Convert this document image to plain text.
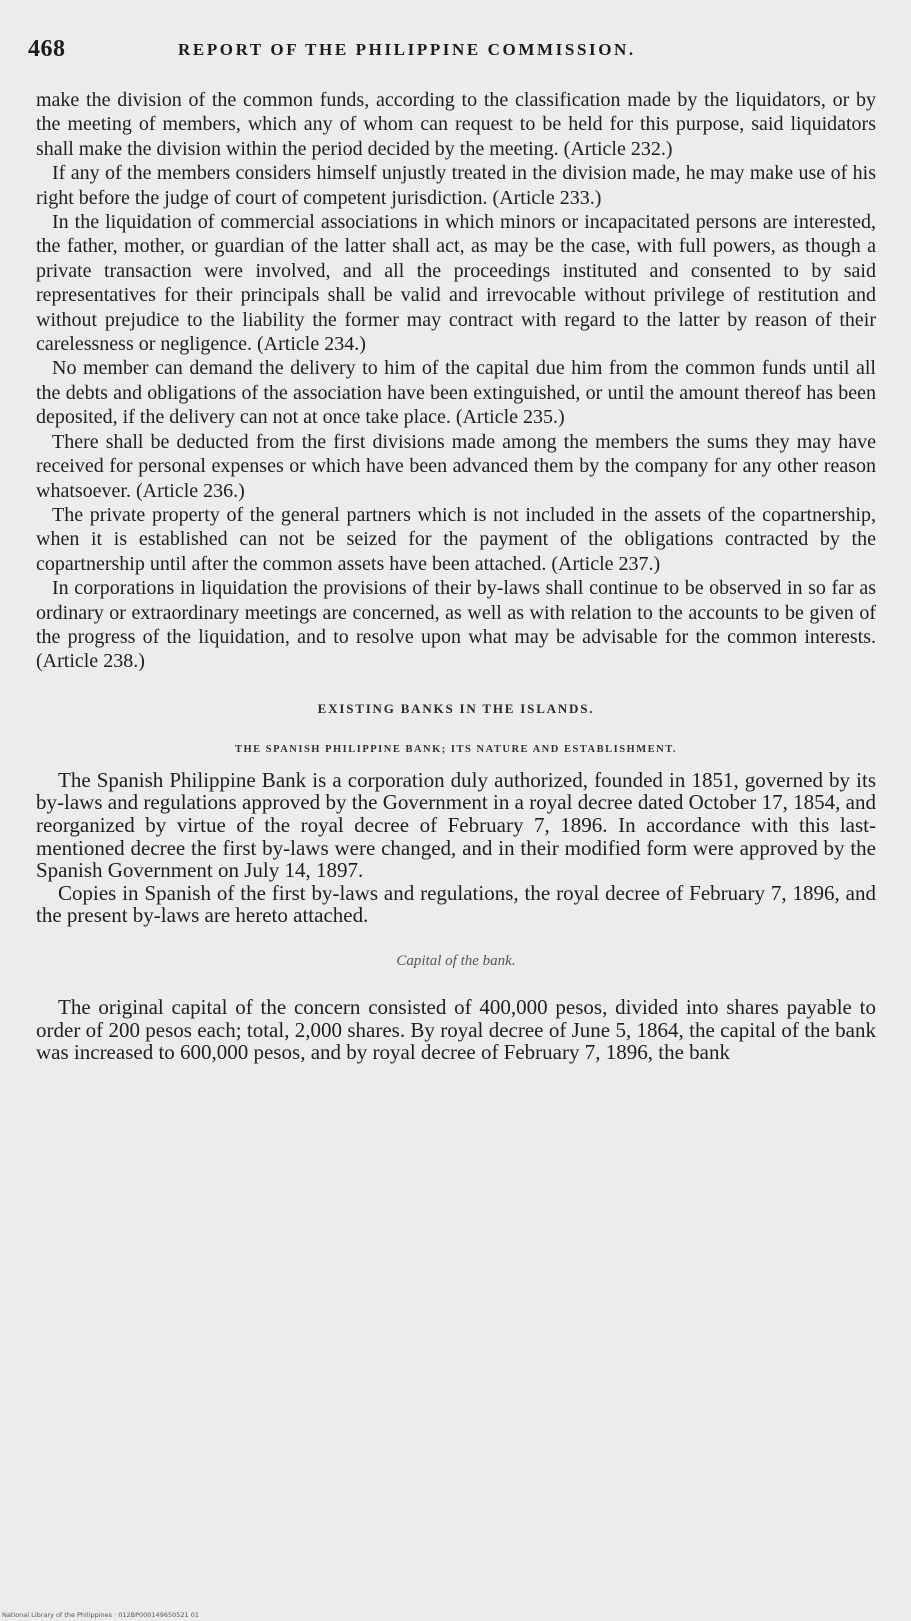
468	REPORT OF THE PHILIPPINE COMMISSION.

make the division of the common funds, according to the classification made by the liquidators, or by the meeting of members, which any of whom can request to be held for this purpose, said liquidators shall make the division within the period decided by the meeting. (Article 232.)

If any of the members considers himself unjustly treated in the division made, he may make use of his right before the judge of court of competent jurisdiction. (Article 233.)

In the liquidation of commercial associations in which minors or incapacitated persons are interested, the father, mother, or guardian of the latter shall act, as may be the case, with full powers, as though a private transaction were involved, and all the proceedings instituted and consented to by said representatives for their principals shall be valid and irrevocable without privilege of restitution and without prejudice to the liability the former may contract with regard to the latter by reason of their carelessness or negligence. (Article 234.)

No member can demand the delivery to him of the capital due him from the common funds until all the debts and obligations of the association have been extinguished, or until the amount thereof has been deposited, if the delivery can not at once take place. (Article 235.)

There shall be deducted from the first divisions made among the members the sums they may have received for personal expenses or which have been advanced them by the company for any other reason whatsoever. (Article 236.)

The private property of the general partners which is not included in the assets of the copartnership, when it is established can not be seized for the payment of the obligations contracted by the copartnership until after the common assets have been attached. (Article 237.)

In corporations in liquidation the provisions of their by-laws shall continue to be observed in so far as ordinary or extraordinary meetings are concerned, as well as with relation to the accounts to be given of the progress of the liquidation, and to resolve upon what may be advisable for the common interests. (Article 238.)

EXISTING BANKS IN THE ISLANDS.
THE SPANISH PHILIPPINE BANK; ITS NATURE AND ESTABLISHMENT.

The Spanish Philippine Bank is a corporation duly authorized, founded in 1851, governed by its by-laws and regulations approved by the Government in a royal decree dated October 17, 1854, and reorganized by virtue of the royal decree of February 7, 1896. In accordance with this last-mentioned decree the first by-laws were changed, and in their modified form were approved by the Spanish Government on July 14, 1897.

Copies in Spanish of the first by-laws and regulations, the royal decree of February 7, 1896, and the present by-laws are hereto attached.

Capital of the bank.

The original capital of the concern consisted of 400,000 pesos, divided into shares payable to order of 200 pesos each; total, 2,000 shares. By royal decree of June 5, 1864, the capital of the bank was increased to 600,000 pesos, and by royal decree of February 7, 1896, the bank

National Library of the Philippines · 012BP000149650521 01
